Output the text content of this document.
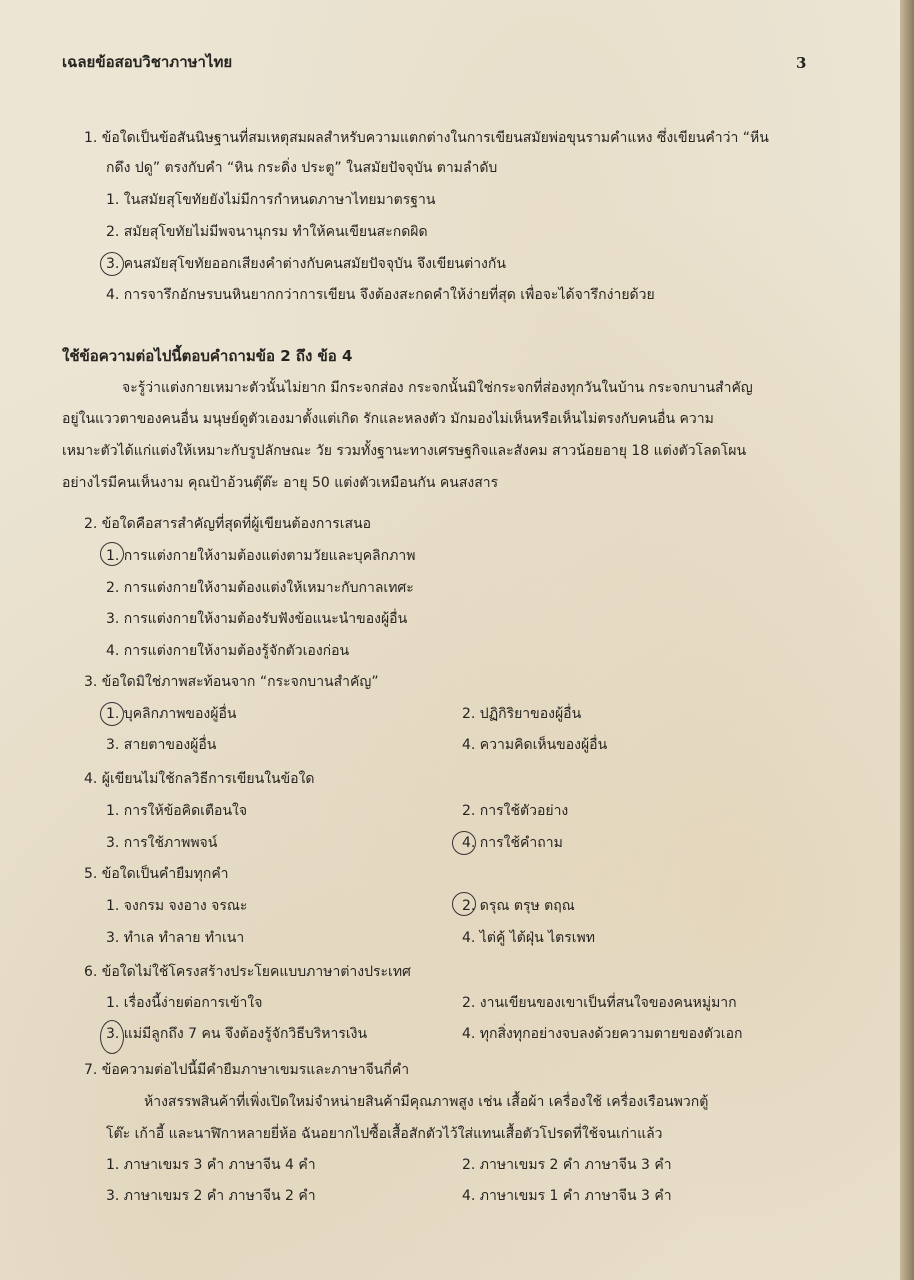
เฉลยข้อสอบวิชาภาษาไทย	3
1. ข้อใดเป็นข้อสันนิษฐานที่สมเหตุสมผลสำหรับความแตกต่างในการเขียนสมัยพ่อขุนรามคำแหง ซึ่งเขียนคำว่า “หีน
กดึง ปดู” ตรงกับคำ “หิน กระดิ่ง ประตู” ในสมัยปัจจุบัน ตามลำดับ
1. ในสมัยสุโขทัยยังไม่มีการกำหนดภาษาไทยมาตรฐาน
2. สมัยสุโขทัยไม่มีพจนานุกรม ทำให้คนเขียนสะกดผิด
3. คนสมัยสุโขทัยออกเสียงคำต่างกับคนสมัยปัจจุบัน จึงเขียนต่างกัน
4. การจารึกอักษรบนหินยากกว่าการเขียน จึงต้องสะกดคำให้ง่ายที่สุด เพื่อจะได้จารึกง่ายด้วย
ใช้ข้อความต่อไปนี้ตอบคำถามข้อ 2 ถึง ข้อ 4
จะรู้ว่าแต่งกายเหมาะตัวนั้นไม่ยาก มีกระจกส่อง กระจกนั้นมิใช่กระจกที่ส่องทุกวันในบ้าน กระจกบานสำคัญ
อยู่ในแววตาของคนอื่น มนุษย์ดูตัวเองมาตั้งแต่เกิด รักและหลงตัว มักมองไม่เห็นหรือเห็นไม่ตรงกับคนอื่น ความ
เหมาะตัวได้แก่แต่งให้เหมาะกับรูปลักษณะ วัย รวมทั้งฐานะทางเศรษฐกิจและสังคม สาวน้อยอายุ 18 แต่งตัวโลดโผน
อย่างไรมีคนเห็นงาม คุณป้าอ้วนตุ๊ต๊ะ อายุ 50 แต่งตัวเหมือนกัน คนสงสาร
2. ข้อใดคือสารสำคัญที่สุดที่ผู้เขียนต้องการเสนอ
1. การแต่งกายให้งามต้องแต่งตามวัยและบุคลิกภาพ
2. การแต่งกายให้งามต้องแต่งให้เหมาะกับกาลเทศะ
3. การแต่งกายให้งามต้องรับฟังข้อแนะนำของผู้อื่น
4. การแต่งกายให้งามต้องรู้จักตัวเองก่อน
3. ข้อใดมิใช่ภาพสะท้อนจาก “กระจกบานสำคัญ”
1. บุคลิกภาพของผู้อื่น	2. ปฏิกิริยาของผู้อื่น
3. สายตาของผู้อื่น	4. ความคิดเห็นของผู้อื่น
4. ผู้เขียนไม่ใช้กลวิธีการเขียนในข้อใด
1. การให้ข้อคิดเตือนใจ	2. การใช้ตัวอย่าง
3. การใช้ภาพพจน์	4. การใช้คำถาม
5. ข้อใดเป็นคำยืมทุกคำ
1. จงกรม จงอาง จรณะ	2. ดรุณ ตรุษ ตฤณ
3. ทำเล ทำลาย ทำเนา	4. ไต่คู้ ไต้ฝุ่น ไตรเพท
6. ข้อใดไม่ใช้โครงสร้างประโยคแบบภาษาต่างประเทศ
1. เรื่องนี้ง่ายต่อการเข้าใจ	2. งานเขียนของเขาเป็นที่สนใจของคนหมู่มาก
3. แม่มีลูกถึง 7 คน จึงต้องรู้จักวิธีบริหารเงิน	4. ทุกสิ่งทุกอย่างจบลงด้วยความตายของตัวเอก
7. ข้อความต่อไปนี้มีคำยืมภาษาเขมรและภาษาจีนกี่คำ
ห้างสรรพสินค้าที่เพิ่งเปิดใหม่จำหน่ายสินค้ามีคุณภาพสูง เช่น เสื้อผ้า เครื่องใช้ เครื่องเรือนพวกตู้
โต๊ะ เก้าอี้ และนาฬิกาหลายยี่ห้อ ฉันอยากไปซื้อเสื้อสักตัวไว้ใส่แทนเสื้อตัวโปรดที่ใช้จนเก่าแล้ว
1. ภาษาเขมร 3 คำ ภาษาจีน 4 คำ	2. ภาษาเขมร 2 คำ ภาษาจีน 3 คำ
3. ภาษาเขมร 2 คำ ภาษาจีน 2 คำ	4. ภาษาเขมร 1 คำ ภาษาจีน 3 คำ
